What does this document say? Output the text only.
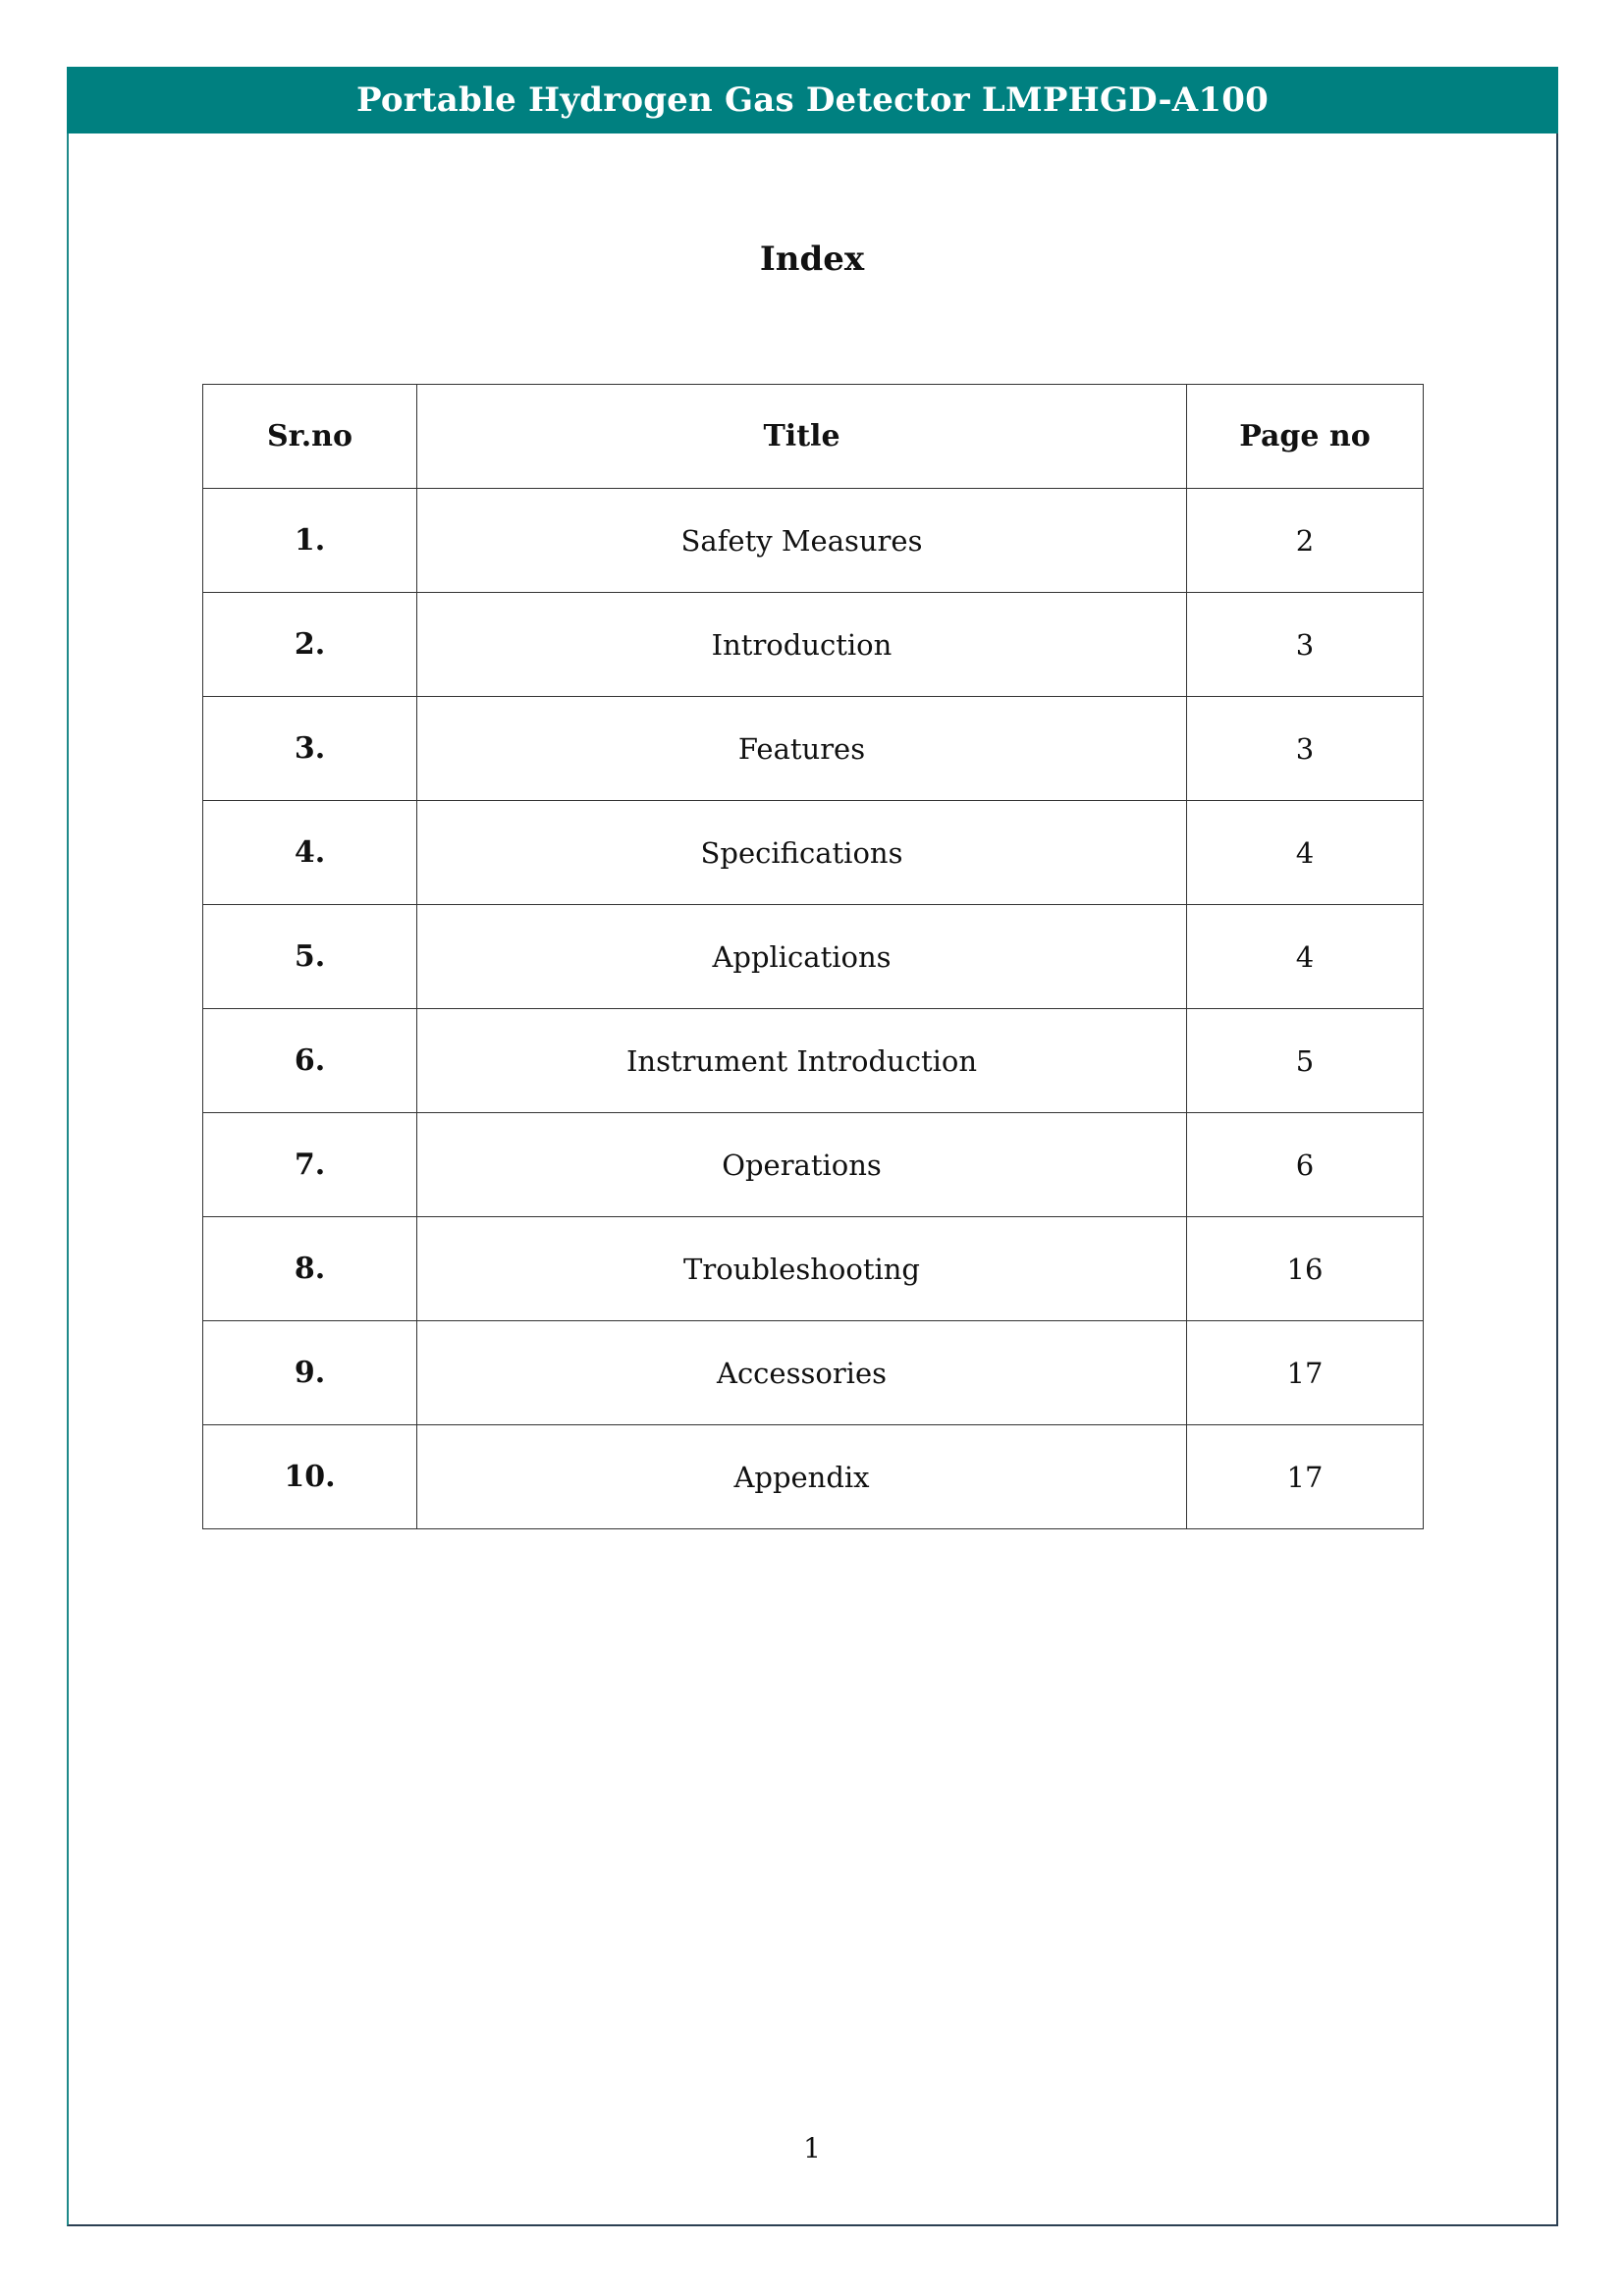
Portable Hydrogen Gas Detector LMPHGD-A100
Index
Sr.no	Title	Page no
1.	Safety Measures	2
2.	Introduction	3
3.	Features	3
4.	Specifications	4
5.	Applications	4
6.	Instrument Introduction	5
7.	Operations	6
8.	Troubleshooting	16
9.	Accessories	17
10.	Appendix	17
1
